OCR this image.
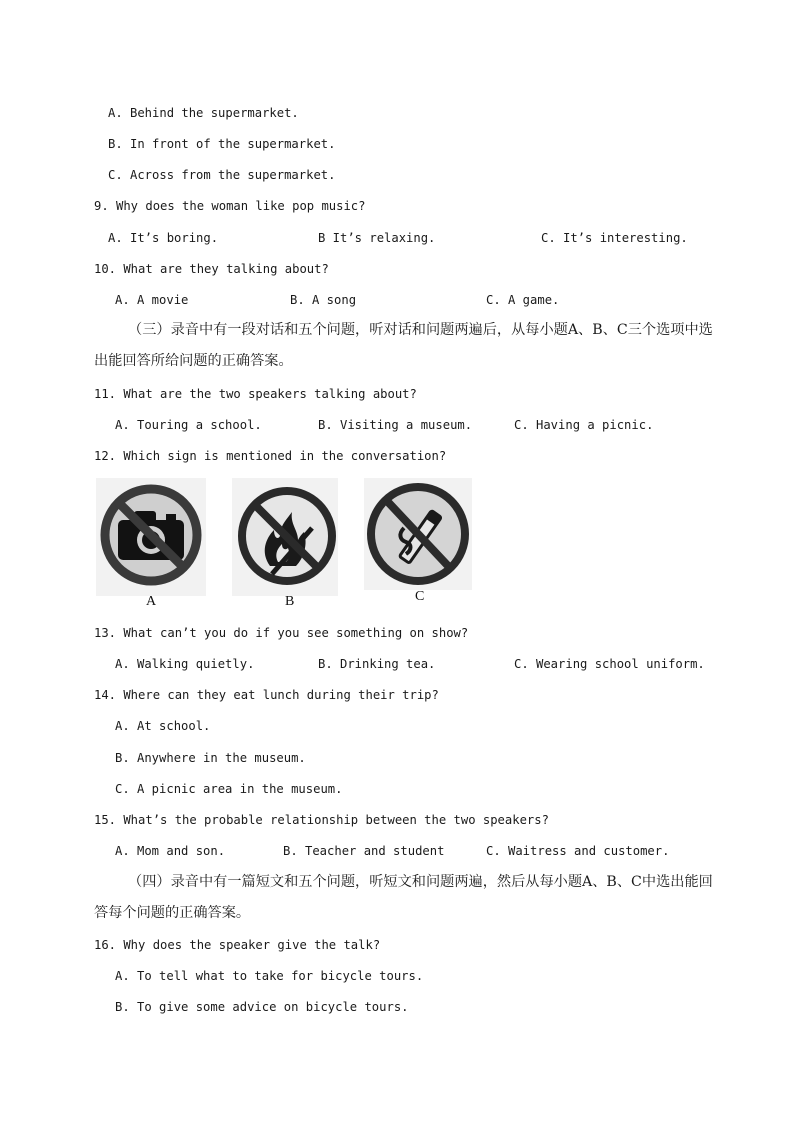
A. Behind the supermarket.
B. In front of the supermarket.
C. Across from the supermarket.
9. Why does the woman like pop music?
A. It’s boring.	B It’s relaxing.	C. It’s interesting.
10. What are they talking about?
A. A movie	B. A song	C. A game.
（三）录音中有一段对话和五个问题，听对话和问题两遍后，从每小题A、B、C三个选项中选
出能回答所给问题的正确答案。
11. What are the two speakers talking about?
A. Touring a school.	B. Visiting a museum.	C. Having a picnic.
12. Which sign is mentioned in the conversation?
A	B	C
13. What can’t you do if you see something on show?
A. Walking quietly.	B. Drinking tea.	C. Wearing school uniform.
14. Where can they eat lunch during their trip?
A. At school.
B. Anywhere in the museum.
C. A picnic area in the museum.
15. What’s the probable relationship between the two speakers?
A. Mom and son.	B. Teacher and student	C. Waitress and customer.
（四）录音中有一篇短文和五个问题，听短文和问题两遍，然后从每小题A、B、C中选出能回
答每个问题的正确答案。
16. Why does the speaker give the talk?
A. To tell what to take for bicycle tours.
B. To give some advice on bicycle tours.
